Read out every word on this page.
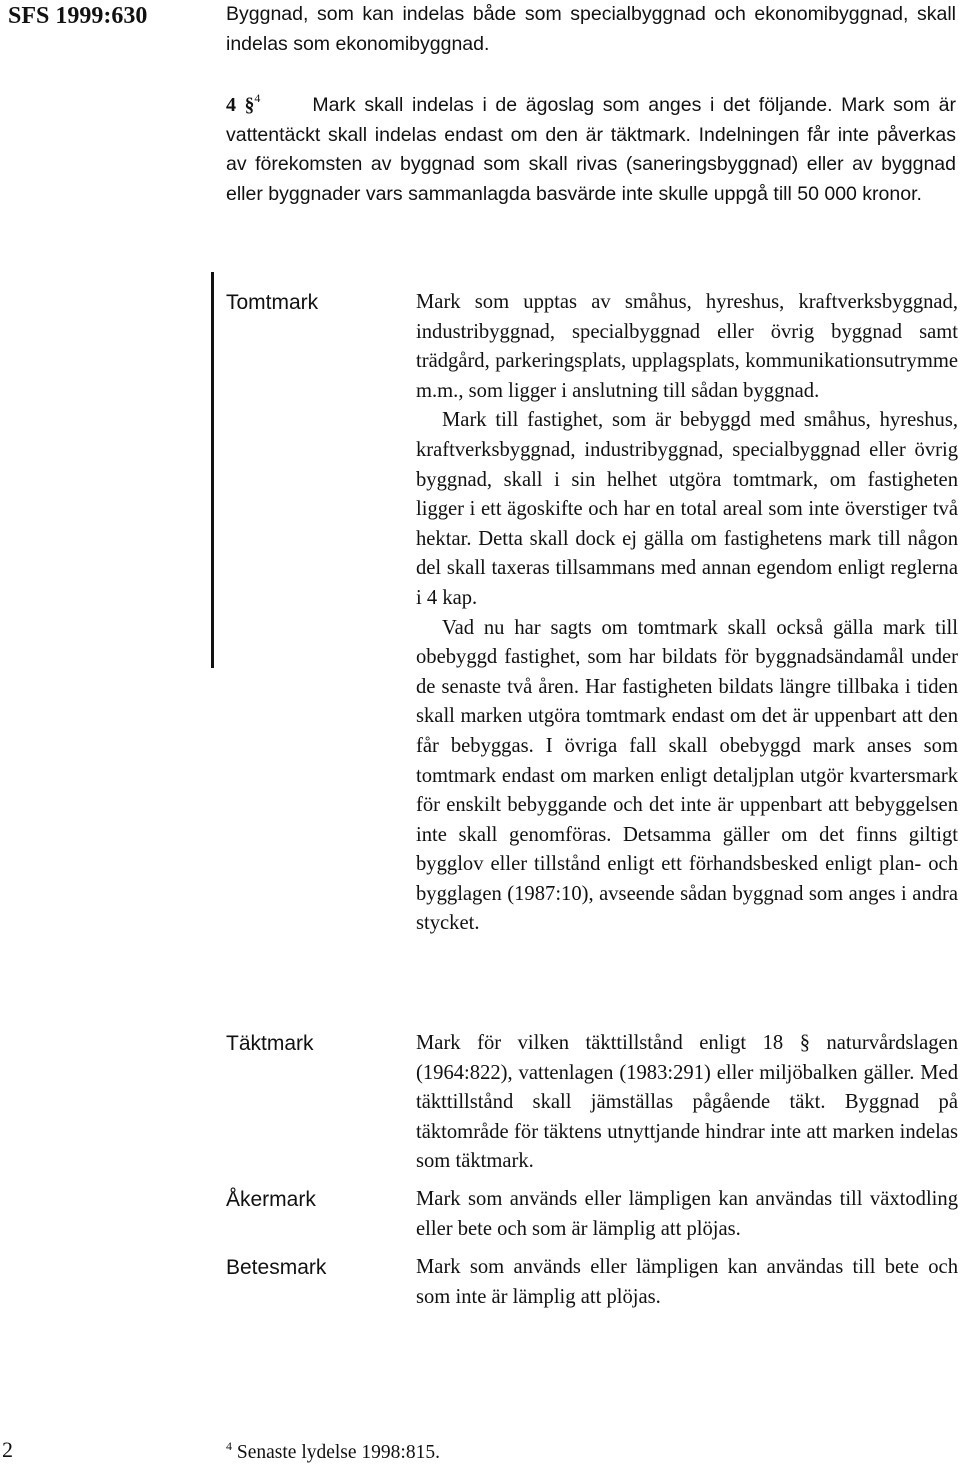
SFS 1999:630	Byggnad, som kan indelas både som specialbyggnad och ekonomibyggnad, skall indelas som ekonomibyggnad.

4 §$^4$	Mark skall indelas i de ägoslag som anges i det följande. Mark som är vattentäckt skall indelas endast om den är täktmark. Indelningen får inte påverkas av förekomsten av byggnad som skall rivas (saneringsbyggnad) eller av byggnad eller byggnader vars sammanlagda basvärde inte skulle uppgå till 50 000 kronor.

Tomtmark	Mark som upptas av småhus, hyreshus, kraftverksbyggnad, industribyggnad, specialbyggnad eller övrig byggnad samt trädgård, parkeringsplats, upplagsplats, kommunikationsutrymme m.m., som ligger i anslutning till sådan byggnad.

Mark till fastighet, som är bebyggd med småhus, hyreshus, kraftverksbyggnad, industribyggnad, specialbyggnad eller övrig byggnad, skall i sin helhet utgöra tomtmark, om fastigheten ligger i ett ägoskifte och har en total areal som inte överstiger två hektar. Detta skall dock ej gälla om fastighetens mark till någon del skall taxeras tillsammans med annan egendom enligt reglerna i 4 kap.

Vad nu har sagts om tomtmark skall också gälla mark till obebyggd fastighet, som har bildats för byggnadsändamål under de senaste två åren. Har fastigheten bildats längre tillbaka i tiden skall marken utgöra tomtmark endast om det är uppenbart att den får bebyggas. I övriga fall skall obebyggd mark anses som tomtmark endast om marken enligt detaljplan utgör kvartersmark för enskilt bebyggande och det inte är uppenbart att bebyggelsen inte skall genomföras. Detsamma gäller om det finns giltigt bygglov eller tillstånd enligt ett förhandsbesked enligt plan- och bygglagen (1987:10), avseende sådan byggnad som anges i andra stycket.

Täktmark	Mark för vilken täkttillstånd enligt 18 § naturvårdslagen (1964:822), vattenlagen (1983:291) eller miljöbalken gäller. Med täkttillstånd skall jämställas pågående täkt. Byggnad på täktområde för täktens utnyttjande hindrar inte att marken indelas som täktmark.

Åkermark	Mark som används eller lämpligen kan användas till växtodling eller bete och som är lämplig att plöjas.

Betesmark	Mark som används eller lämpligen kan användas till bete och som inte är lämplig att plöjas.

2	$^4$ Senaste lydelse 1998:815.
